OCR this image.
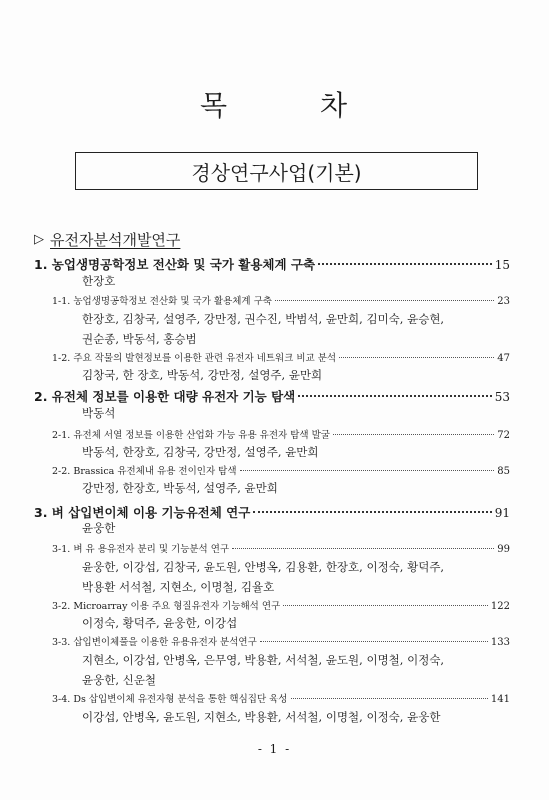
목 차
경상연구사업(기본)
▷ 유전자분석개발연구
1. 농업생명공학정보 전산화 및 국가 활용체계 구축	15
한장호
1-1. 농업생명공학정보 전산화 및 국가 활용체계 구축	23
한장호, 김창국, 설영주, 강만정, 권수진, 박범석, 윤만희, 김미숙, 윤승현,
권순종, 박동석, 홍승범
1-2. 주요 작물의 발현정보를 이용한 관련 유전자 네트워크 비교 분석	47
김창국, 한 장호, 박동석, 강만정, 설영주, 윤만희
2. 유전체 정보를 이용한 대량 유전자 기능 탐색	53
박동석
2-1. 유전체 서열 정보를 이용한 산업화 가능 유용 유전자 탐색 발굴	72
박동석, 한장호, 김창국, 강만정, 설영주, 윤만희
2-2. Brassica 유전체내 유용 전이인자 탐색	85
강만정, 한장호, 박동석, 설영주, 윤만희
3. 벼 삽입변이체 이용 기능유전체 연구	91
윤웅한
3-1. 벼 유 용유전자 분리 및 기능분석 연구	99
윤웅한, 이강섭, 김창국, 윤도원, 안병옥, 김용환, 한장호, 이정숙, 황덕주,
박용환 서석철, 지현소, 이명철, 김율호
3-2. Microarray 이용 주요 형질유전자 기능해석 연구	122
이정숙, 황덕주, 윤웅한, 이강섭
3-3. 삽입변이체풀을 이용한 유용유전자 분석연구	133
지현소, 이강섭, 안병옥, 은무영, 박용환, 서석철, 윤도원, 이명철, 이정숙,
윤웅한, 신운철
3-4. Ds 삽입변이체 유전자형 분석을 통한 핵심집단 육성	141
이강섭, 안병옥, 윤도원, 지현소, 박용환, 서석철, 이명철, 이정숙, 윤웅한
- 1 -
